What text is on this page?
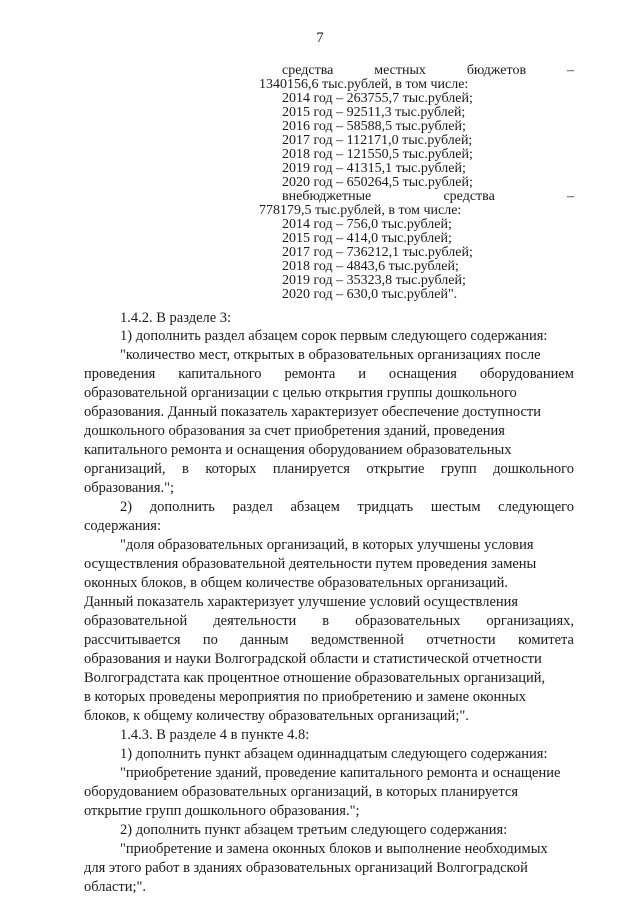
7
средства	местных	бюджетов	–
1340156,6 тыс.рублей, в том числе:
2014 год – 263755,7 тыс.рублей;
2015 год – 92511,3 тыс.рублей;
2016 год – 58588,5 тыс.рублей;
2017 год – 112171,0 тыс.рублей;
2018 год – 121550,5 тыс.рублей;
2019 год – 41315,1 тыс.рублей;
2020 год – 650264,5 тыс.рублей;
внебюджетные	средства	–
778179,5 тыс.рублей, в том числе:
2014 год – 756,0 тыс.рублей;
2015 год – 414,0 тыс.рублей;
2017 год – 736212,1 тыс.рублей;
2018 год – 4843,6 тыс.рублей;
2019 год – 35323,8 тыс.рублей;
2020 год – 630,0 тыс.рублей".
1.4.2. В разделе 3:
1) дополнить раздел абзацем сорок первым следующего содержания:
"количество мест, открытых в образовательных организациях после
проведения капитального ремонта и оснащения оборудованием
образовательной организации с целью открытия группы дошкольного
образования. Данный показатель характеризует обеспечение доступности
дошкольного образования за счет приобретения зданий, проведения
капитального ремонта и оснащения оборудованием образовательных
организаций, в которых планируется открытие групп дошкольного
образования.";
2) дополнить раздел абзацем тридцать шестым следующего
содержания:
"доля образовательных организаций, в которых улучшены условия
осуществления образовательной деятельности путем проведения замены
оконных блоков, в общем количестве образовательных организаций.
Данный показатель характеризует улучшение условий осуществления
образовательной деятельности в образовательных организациях,
рассчитывается по данным ведомственной отчетности комитета
образования и науки Волгоградской области и статистической отчетности
Волгоградстата как процентное отношение образовательных организаций,
в которых проведены мероприятия по приобретению и замене оконных
блоков, к общему количеству образовательных организаций;".
1.4.3. В разделе 4 в пункте 4.8:
1) дополнить пункт абзацем одиннадцатым следующего содержания:
"приобретение зданий, проведение капитального ремонта и оснащение
оборудованием образовательных организаций, в которых планируется
открытие групп дошкольного образования.";
2) дополнить пункт абзацем третьим следующего содержания:
"приобретение и замена оконных блоков и выполнение необходимых
для этого работ в зданиях образовательных организаций Волгоградской
области;".
